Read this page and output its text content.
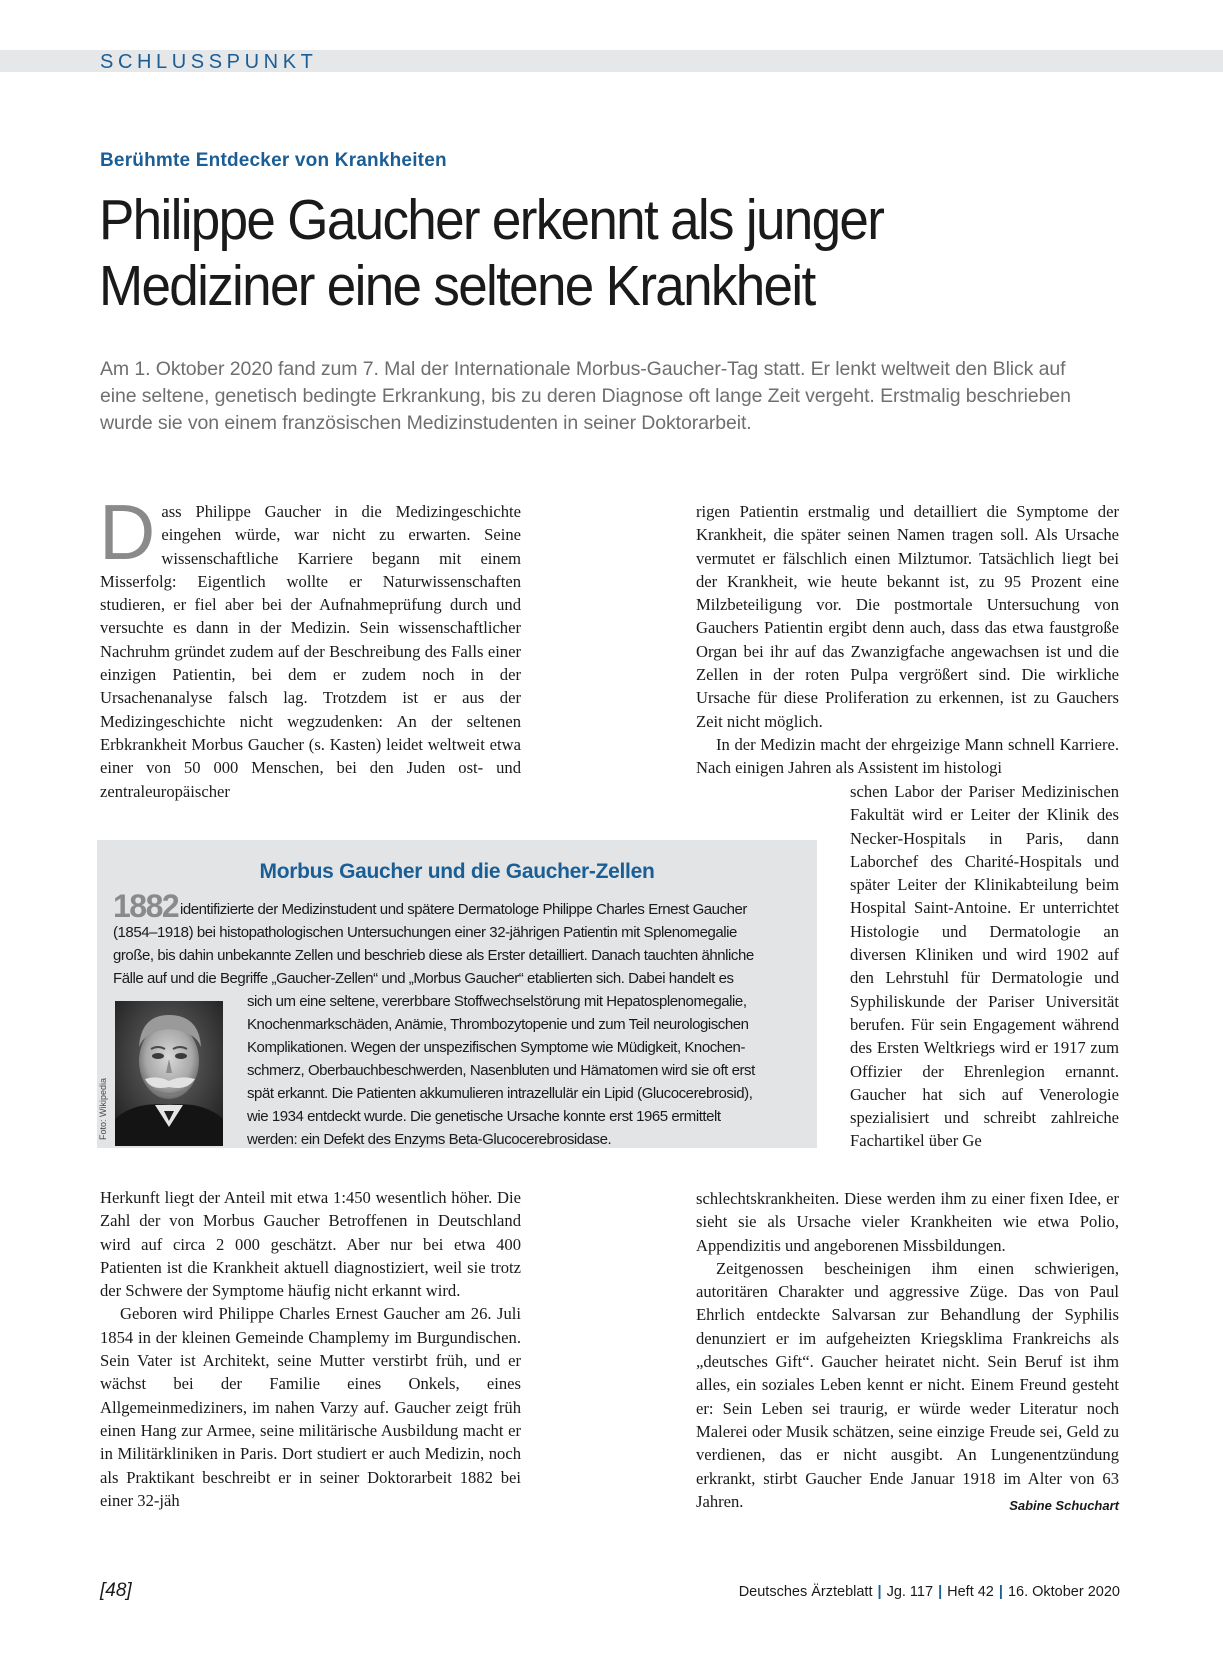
SCHLUSSPUNKT
Berühmte Entdecker von Krankheiten
Philippe Gaucher erkennt als junger
Mediziner eine seltene Krankheit
Am 1. Oktober 2020 fand zum 7. Mal der Internationale Morbus-Gaucher-Tag statt. Er lenkt weltweit den Blick auf
eine seltene, genetisch bedingte Erkrankung, bis zu deren Diagnose oft lange Zeit vergeht. Erstmalig beschrieben
wurde sie von einem französischen Medizinstudenten in seiner Doktorarbeit.

Dass Philippe Gaucher in die Medizingeschichte eingehen würde, war nicht zu erwarten. Seine wissenschaftliche Karriere begann mit einem Misserfolg: Eigentlich wollte er Naturwissenschaften studieren, er fiel aber bei der Aufnahmeprüfung durch und versuchte es dann in der Medizin. Sein wissenschaftlicher Nachruhm gründet zudem auf der Beschreibung des Falls einer einzigen Patientin, bei dem er zudem noch in der Ursachenanalyse falsch lag. Trotzdem ist er aus der Medizingeschichte nicht wegzudenken: An der seltenen Erbkrankheit Morbus Gaucher (s. Kasten) leidet weltweit etwa einer von 50 000 Menschen, bei den Juden ost- und zentraleuropäischer

Herkunft liegt der Anteil mit etwa 1:450 wesentlich höher. Die Zahl der von Morbus Gaucher Betroffenen in Deutschland wird auf circa 2 000 geschätzt. Aber nur bei etwa 400 Patienten ist die Krankheit aktuell diagnostiziert, weil sie trotz der Schwere der Symptome häufig nicht erkannt wird.

Geboren wird Philippe Charles Ernest Gaucher am 26. Juli 1854 in der kleinen Gemeinde Champlemy im Burgundischen. Sein Vater ist Architekt, seine Mutter verstirbt früh, und er wächst bei der Familie eines Onkels, eines Allgemeinmediziners, im nahen Varzy auf. Gaucher zeigt früh einen Hang zur Armee, seine militärische Ausbildung macht er in Militärkliniken in Paris. Dort studiert er auch Medizin, noch als Praktikant beschreibt er in seiner Doktorarbeit 1882 bei einer 32-jäh

rigen Patientin erstmalig und detailliert die Symptome der Krankheit, die später seinen Namen tragen soll. Als Ursache vermutet er fälschlich einen Milztumor. Tatsächlich liegt bei der Krankheit, wie heute bekannt ist, zu 95 Prozent eine Milzbeteiligung vor. Die postmortale Untersuchung von Gauchers Patientin ergibt denn auch, dass das etwa faustgroße Organ bei ihr auf das Zwanzigfache angewachsen ist und die Zellen in der roten Pulpa vergrößert sind. Die wirkliche Ursache für diese Proliferation zu erkennen, ist zu Gauchers Zeit nicht möglich.

In der Medizin macht der ehrgeizige Mann schnell Karriere. Nach einigen Jahren als Assistent im histologi

schen Labor der Pariser Medizinischen Fakultät wird er Leiter der Klinik des Necker-Hospitals in Paris, dann Laborchef des Charité-Hospitals und später Leiter der Klinikabteilung beim Hospital Saint-Antoine. Er unterrichtet Histologie und Dermatologie an diversen Kliniken und wird 1902 auf den Lehrstuhl für Dermatologie und Syphiliskunde der Pariser Universität berufen. Für sein Engagement während des Ersten Weltkriegs wird er 1917 zum Offizier der Ehrenlegion ernannt. Gaucher hat sich auf Venerologie spezialisiert und schreibt zahlreiche Fachartikel über Ge

schlechtskrankheiten. Diese werden ihm zu einer fixen Idee, er sieht sie als Ursache vieler Krankheiten wie etwa Polio, Appendizitis und angeborenen Missbildungen.

Zeitgenossen bescheinigen ihm einen schwierigen, autoritären Charakter und aggressive Züge. Das von Paul Ehrlich entdeckte Salvarsan zur Behandlung der Syphilis denunziert er im aufgeheizten Kriegsklima Frankreichs als „deutsches Gift“. Gaucher heiratet nicht. Sein Beruf ist ihm alles, ein soziales Leben kennt er nicht. Einem Freund gesteht er: Sein Leben sei traurig, er würde weder Literatur noch Malerei oder Musik schätzen, seine einzige Freude sei, Geld zu verdienen, das er nicht ausgibt. An Lungenentzündung erkrankt, stirbt Gaucher Ende Januar 1918 im Alter von 63 Jahren.	Sabine Schuchart

Morbus Gaucher und die Gaucher-Zellen
1882 identifizierte der Medizinstudent und spätere Dermatologe Philippe Charles Ernest Gaucher
(1854–1918) bei histopathologischen Untersuchungen einer 32-jährigen Patientin mit Splenomegalie
große, bis dahin unbekannte Zellen und beschrieb diese als Erster detailliert. Danach tauchten ähnliche
Fälle auf und die Begriffe „Gaucher-Zellen“ und „Morbus Gaucher“ etablierten sich. Dabei handelt es
sich um eine seltene, vererbbare Stoffwechselstörung mit Hepatosplenomegalie,
Knochenmarkschäden, Anämie, Thrombozytopenie und zum Teil neurologischen
Komplikationen. Wegen der unspezifischen Symptome wie Müdigkeit, Knochen-
schmerz, Oberbauchbeschwerden, Nasenbluten und Hämatomen wird sie oft erst
spät erkannt. Die Patienten akkumulieren intrazellulär ein Lipid (Glucocerebrosid),
wie 1934 entdeckt wurde. Die genetische Ursache konnte erst 1965 ermittelt
werden: ein Defekt des Enzyms Beta-Glucocerebrosidase.
Foto: Wikipedia
[48]	Deutsches Ärzteblatt | Jg. 117 | Heft 42 | 16. Oktober 2020
